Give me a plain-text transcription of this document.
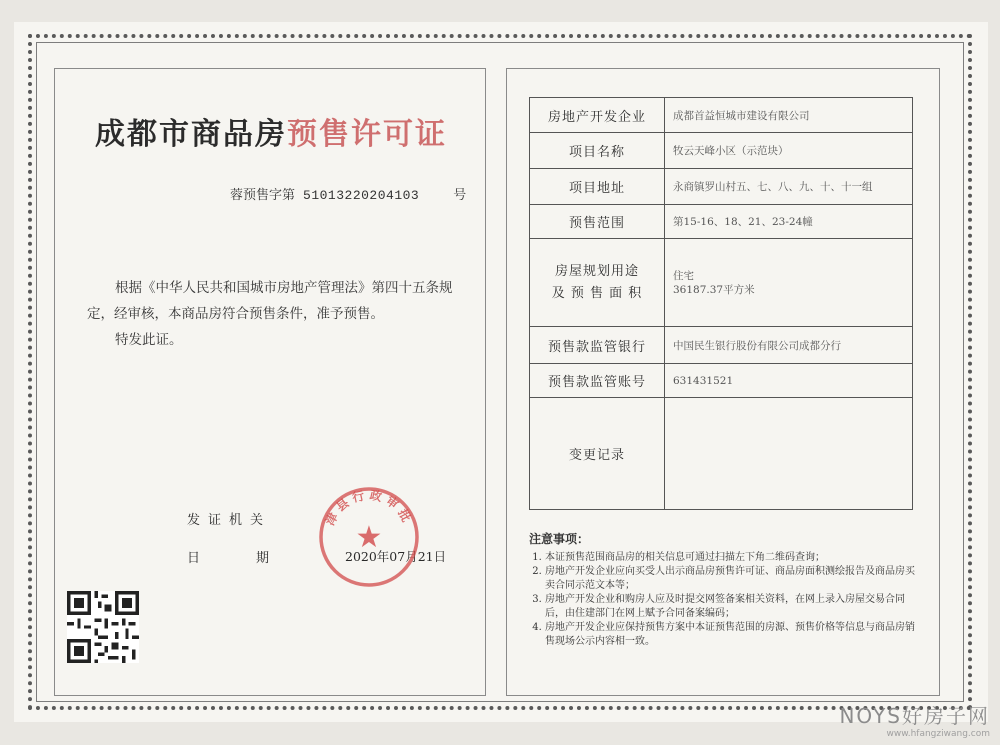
成都市商品房预售许可证
蓉预售字第 51013220204103	号

根据《中华人民共和国城市房地产管理法》第四十五条规定，经审核，本商品房符合预售条件，准予预售。

特发此证。

发证机关
日	期	2020年07月21日
津县行政审批
★
房地产开发企业	成都首益恒城市建设有限公司
项目名称	牧云天峰小区（示范块）
项目地址	永商镇罗山村五、七、八、九、十、十一组
预售范围	第15-16、18、21、23-24幢
房屋规划用途
及 预 售 面 积	住宅
36187.37平方米
预售款监管银行	中国民生银行股份有限公司成都分行
预售款监管账号	631431521
变更记录	
注意事项：
1. 本证预售范围商品房的相关信息可通过扫描左下角二维码查询；
2. 房地产开发企业应向买受人出示商品房预售许可证、商品房面积测绘报告及商品房买卖合同示范文本等；
3. 房地产开发企业和购房人应及时提交网签备案相关资料，在网上录入房屋交易合同后，由住建部门在网上赋予合同备案编码；
4. 房地产开发企业应保持预售方案中本证预售范围的房源、预售价格等信息与商品房销售现场公示内容相一致。
NOYS好房子网
www.hfangziwang.com
